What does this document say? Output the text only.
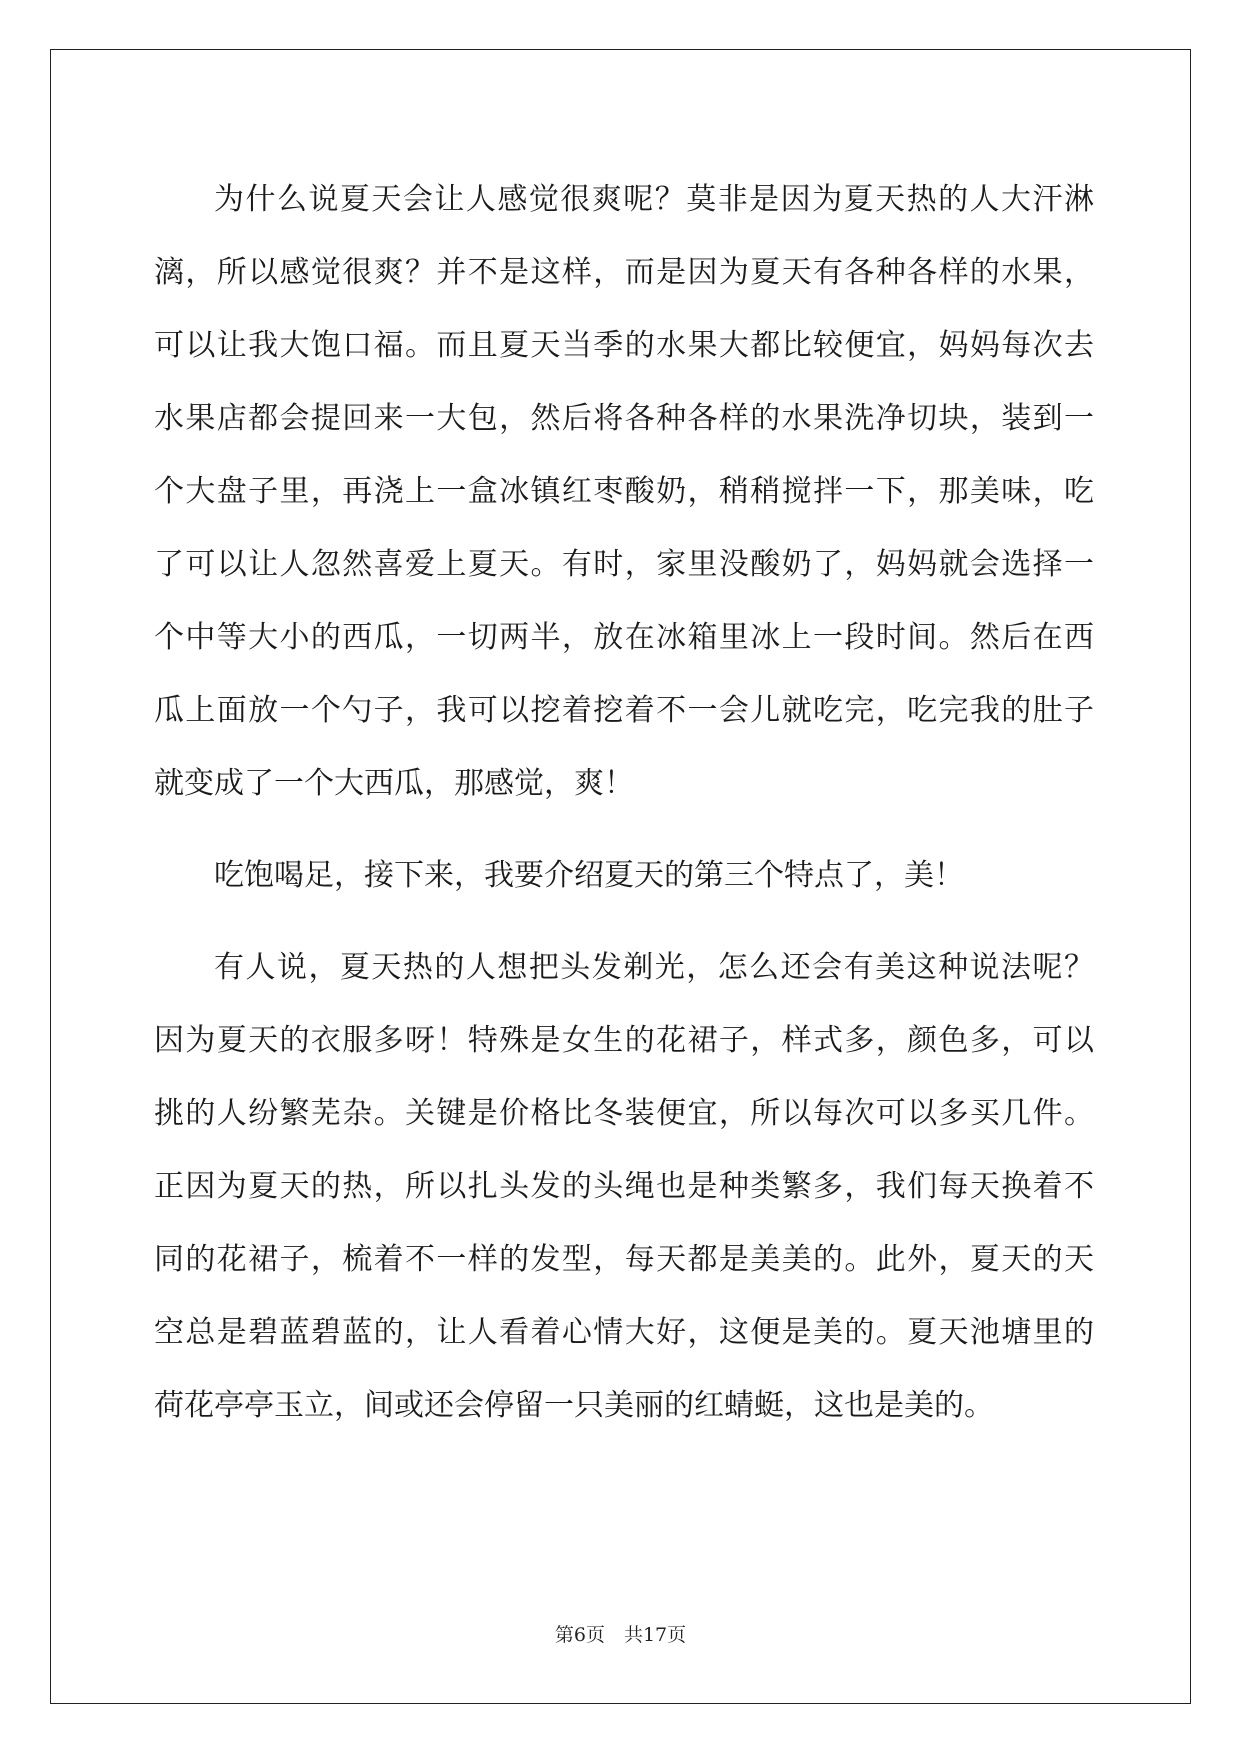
为什么说夏天会让人感觉很爽呢？莫非是因为夏天热的人大汗淋
漓，所以感觉很爽？并不是这样，而是因为夏天有各种各样的水果，
可以让我大饱口福。而且夏天当季的水果大都比较便宜，妈妈每次去
水果店都会提回来一大包，然后将各种各样的水果洗净切块，装到一
个大盘子里，再浇上一盒冰镇红枣酸奶，稍稍搅拌一下，那美味，吃
了可以让人忽然喜爱上夏天。有时，家里没酸奶了，妈妈就会选择一
个中等大小的西瓜，一切两半，放在冰箱里冰上一段时间。然后在西
瓜上面放一个勺子，我可以挖着挖着不一会儿就吃完，吃完我的肚子
就变成了一个大西瓜，那感觉，爽！
吃饱喝足，接下来，我要介绍夏天的第三个特点了，美！
有人说，夏天热的人想把头发剃光，怎么还会有美这种说法呢？
因为夏天的衣服多呀！特殊是女生的花裙子，样式多，颜色多，可以
挑的人纷繁芜杂。关键是价格比冬装便宜，所以每次可以多买几件。
正因为夏天的热，所以扎头发的头绳也是种类繁多，我们每天换着不
同的花裙子，梳着不一样的发型，每天都是美美的。此外，夏天的天
空总是碧蓝碧蓝的，让人看着心情大好，这便是美的。夏天池塘里的
荷花亭亭玉立，间或还会停留一只美丽的红蜻蜓，这也是美的。
第6页　共17页
